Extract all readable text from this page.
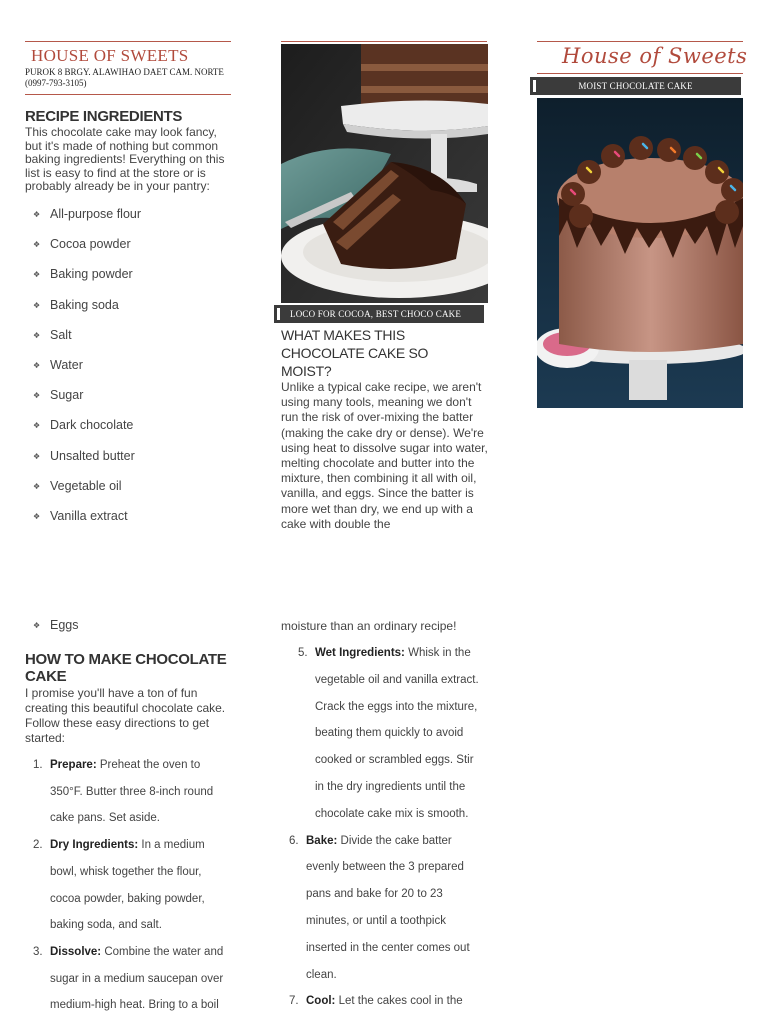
HOUSE OF SWEETS
PUROK 8 BRGY. ALAWIHAO DAET CAM. NORTE (0997-793-3105)
RECIPE INGREDIENTS
This chocolate cake may look fancy, but it's made of nothing but common baking ingredients! Everything on this list is easy to find at the store or is probably already be in your pantry:
❖ All-purpose flour
❖ Cocoa powder
❖ Baking powder
❖ Baking soda
❖ Salt
❖ Water
❖ Sugar
❖ Dark chocolate
❖ Unsalted butter
❖ Vegetable oil
❖ Vanilla extract
❖ Eggs
HOW TO MAKE CHOCOLATE
CAKE
I promise you'll have a ton of fun creating this beautiful chocolate cake. Follow these easy directions to get started:
1. Prepare: Preheat the oven to
350°F. Butter three 8-inch round
cake pans. Set aside.
2. Dry Ingredients: In a medium
bowl, whisk together the flour,
cocoa powder, baking powder,
baking soda, and salt.
3. Dissolve: Combine the water and
sugar in a medium saucepan over
medium-high heat. Bring to a boil
LOCO FOR COCOA, BEST CHOCO CAKE
WHAT MAKES THIS CHOCOLATE CAKE SO MOIST?
Unlike a typical cake recipe, we aren't using many tools, meaning we don't run the risk of over-mixing the batter (making the cake dry or dense). We're using heat to dissolve sugar into water, melting chocolate and butter into the mixture, then combining it all with oil, vanilla, and eggs. Since the batter is more wet than dry, we end up with a cake with double the
moisture than an ordinary recipe!
5. Wet Ingredients: Whisk in the
vegetable oil and vanilla extract.
Crack the eggs into the mixture,
beating them quickly to avoid
cooked or scrambled eggs. Stir
in the dry ingredients until the
chocolate cake mix is smooth.
6. Bake: Divide the cake batter
evenly between the 3 prepared
pans and bake for 20 to 23
minutes, or until a toothpick
inserted in the center comes out
clean.
7. Cool: Let the cakes cool in the
House of Sweets
MOIST CHOCOLATE CAKE
